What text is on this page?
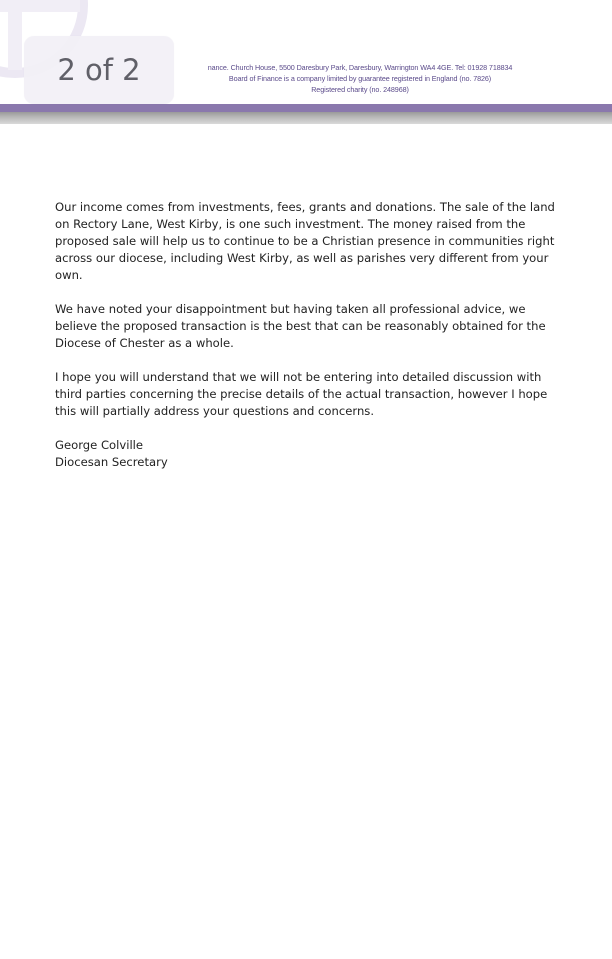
nance. Church House, 5500 Daresbury Park, Daresbury, Warrington WA4 4GE. Tel: 01928 718834
Board of Finance is a company limited by guarantee registered in England (no. 7826)
Registered charity (no. 248968)
2 of 2

Our income comes from investments, fees, grants and donations. The sale of the land on Rectory Lane, West Kirby, is one such investment. The money raised from the proposed sale will help us to continue to be a Christian presence in communities right across our diocese, including West Kirby, as well as parishes very different from your own.

We have noted your disappointment but having taken all professional advice, we believe the proposed transaction is the best that can be reasonably obtained for the Diocese of Chester as a whole.

I hope you will understand that we will not be entering into detailed discussion with third parties concerning the precise details of the actual transaction, however I hope this will partially address your questions and concerns.

George Colville
Diocesan Secretary
